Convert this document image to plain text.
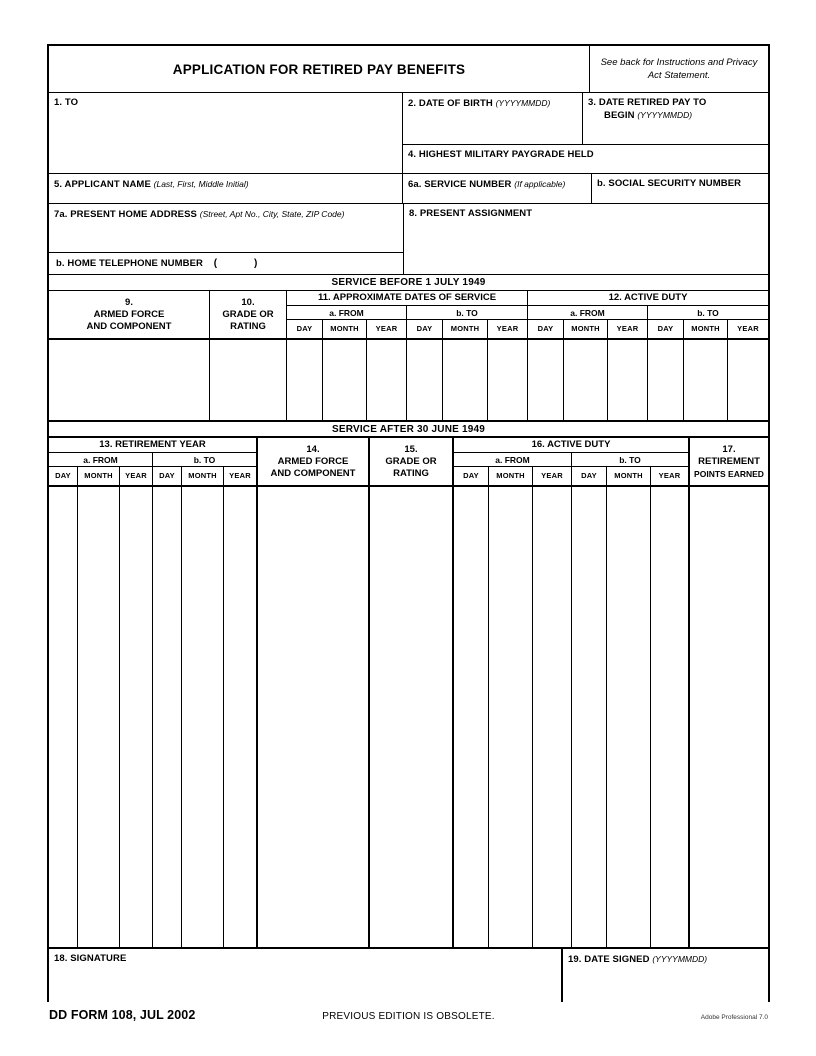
APPLICATION FOR RETIRED PAY BENEFITS	See back for Instructions and Privacy Act Statement.
1. TO	2. DATE OF BIRTH (YYYYMMDD)	3. DATE RETIRED PAY TO
BEGIN (YYYYMMDD)
4. HIGHEST MILITARY PAYGRADE HELD
5. APPLICANT NAME (Last, First, Middle Initial)	6a. SERVICE NUMBER (If applicable)	b. SOCIAL SECURITY NUMBER
7a. PRESENT HOME ADDRESS (Street, Apt No., City, State, ZIP Code)
b. HOME TELEPHONE NUMBER (	)
8. PRESENT ASSIGNMENT
SERVICE BEFORE 1 JULY 1949
9.
ARMED FORCE
AND COMPONENT
10.
GRADE OR
RATING
11. APPROXIMATE DATES OF SERVICE
a. FROM
DAY	MONTH	YEAR
b. TO
DAY	MONTH	YEAR
12. ACTIVE DUTY
a. FROM
DAY	MONTH	YEAR
b. TO
DAY	MONTH	YEAR
SERVICE AFTER 30 JUNE 1949
13. RETIREMENT YEAR
a. FROM
DAY	MONTH	YEAR
b. TO
DAY	MONTH	YEAR
14.
ARMED FORCE
AND COMPONENT
15.
GRADE OR
RATING
16. ACTIVE DUTY
a. FROM
DAY	MONTH	YEAR
b. TO
DAY	MONTH	YEAR
17.
RETIREMENT
POINTS EARNED
18. SIGNATURE	19. DATE SIGNED (YYYYMMDD)
DD FORM 108, JUL 2002	PREVIOUS EDITION IS OBSOLETE.	Adobe Professional 7.0
